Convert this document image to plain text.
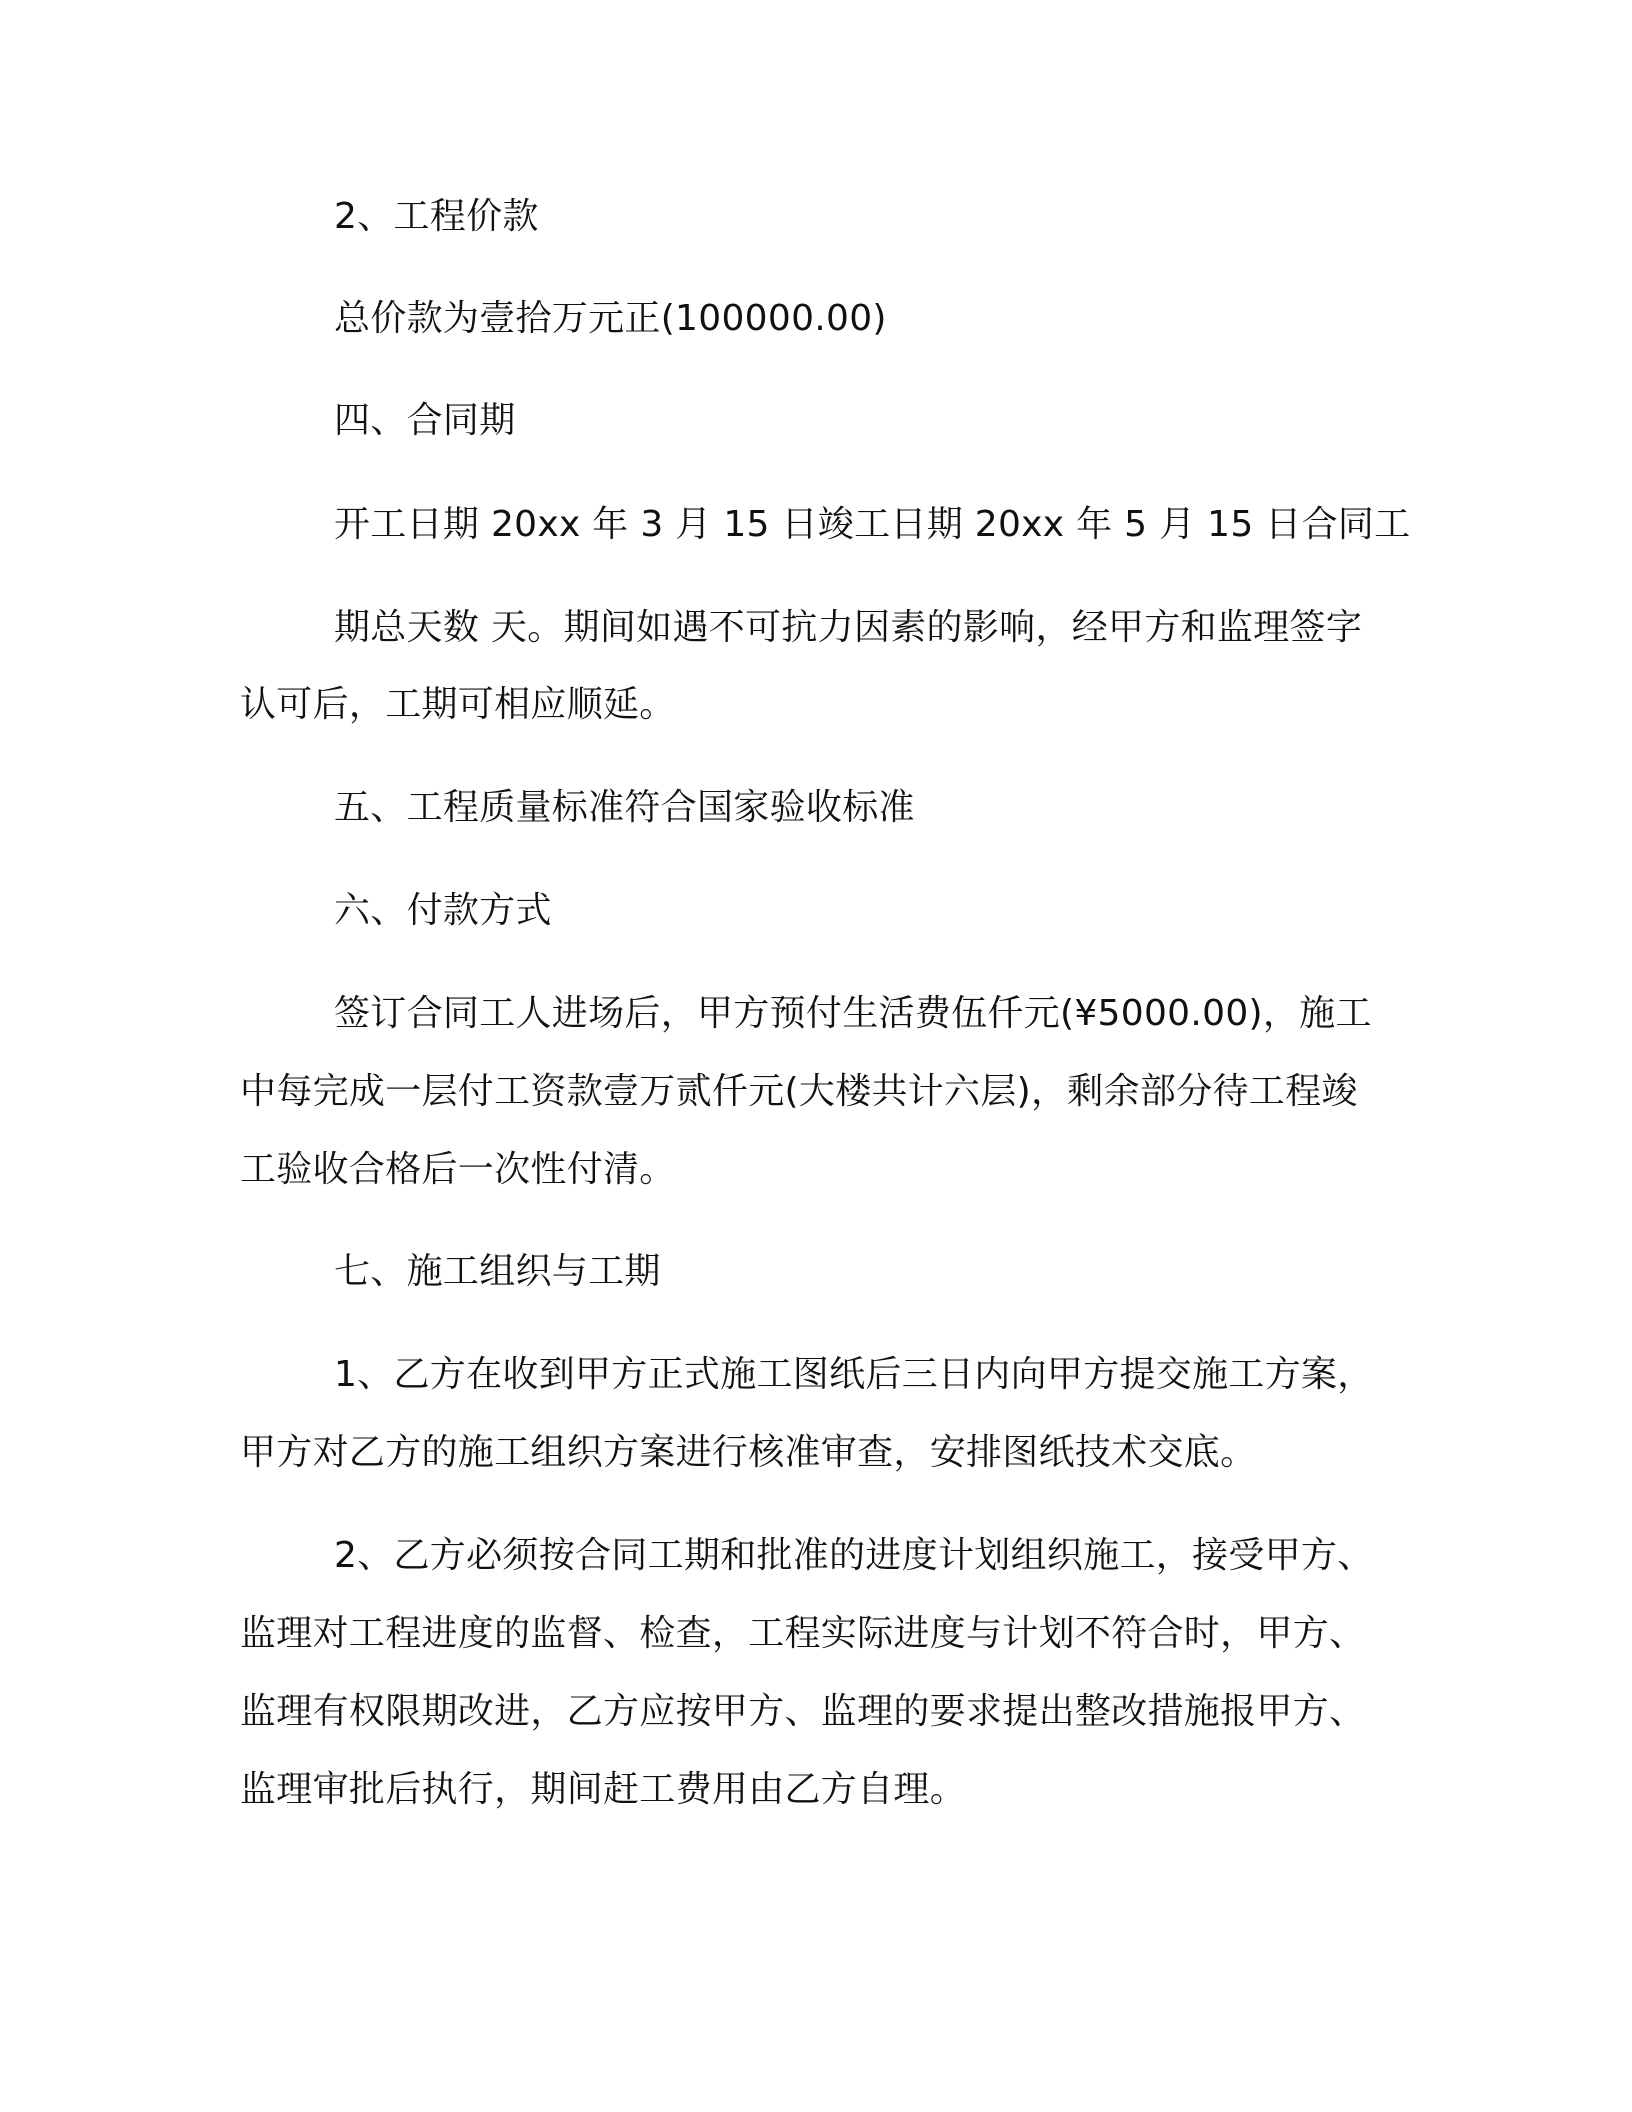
2、工程价款
总价款为壹拾万元正(100000.00)
四、合同期
开工日期 20xx 年 3 月 15 日竣工日期 20xx 年 5 月 15 日合同工
期总天数 天。期间如遇不可抗力因素的影响，经甲方和监理签字
认可后，工期可相应顺延。
五、工程质量标准符合国家验收标准
六、付款方式
签订合同工人进场后，甲方预付生活费伍仟元(¥5000.00)，施工
中每完成一层付工资款壹万贰仟元(大楼共计六层)，剩余部分待工程竣
工验收合格后一次性付清。
七、施工组织与工期
1、乙方在收到甲方正式施工图纸后三日内向甲方提交施工方案，
甲方对乙方的施工组织方案进行核准审查，安排图纸技术交底。
2、乙方必须按合同工期和批准的进度计划组织施工，接受甲方、
监理对工程进度的监督、检查，工程实际进度与计划不符合时，甲方、
监理有权限期改进，乙方应按甲方、监理的要求提出整改措施报甲方、
监理审批后执行，期间赶工费用由乙方自理。
